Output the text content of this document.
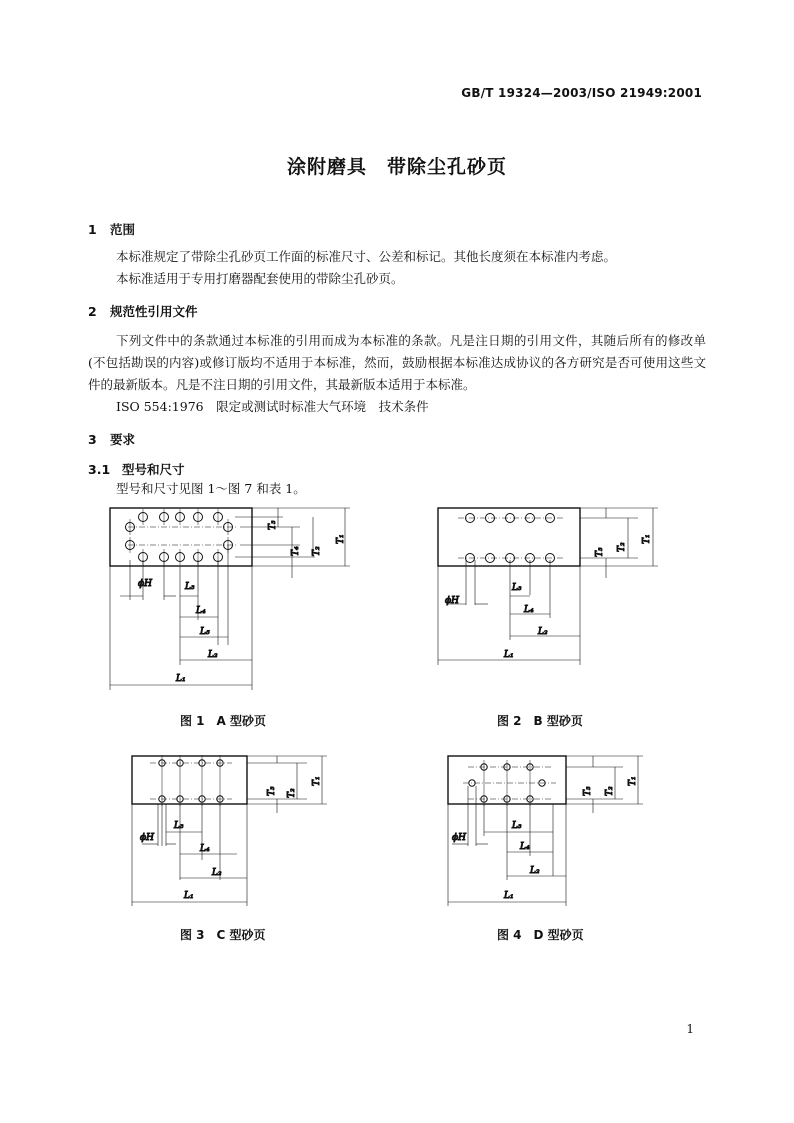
GB/T 19324—2003/ISO 21949:2001
涂附磨具　带除尘孔砂页
1 范围
本标准规定了带除尘孔砂页工作面的标准尺寸、公差和标记。其他长度须在本标准内考虑。
本标准适用于专用打磨器配套使用的带除尘孔砂页。
2 规范性引用文件
下列文件中的条款通过本标准的引用而成为本标准的条款。凡是注日期的引用文件，其随后所有的修改单(不包括勘误的内容)或修订版均不适用于本标准，然而，鼓励根据本标准达成协议的各方研究是否可使用这些文件的最新版本。凡是不注日期的引用文件，其最新版本适用于本标准。
ISO 554:1976　限定或测试时标准大气环境　技术条件
3 要求
3.1 型号和尺寸
型号和尺寸见图 1～图 7 和表 1。
ϕH	L₃
L₄
L₅
L₂
L₁
T₃
T₄ T₂
T₁
图 1　A 型砂页
ϕH
L₃
L₄
L₂
L₁
T₃
T₂
T₁
图 2　B 型砂页
ϕH
L₃
L₄
L₂
L₁
T₃ T₂
T₁
图 3　C 型砂页
ϕH
L₃
L₄
L₂
L₁
T₃ T₂
T₁
图 4　D 型砂页
1
